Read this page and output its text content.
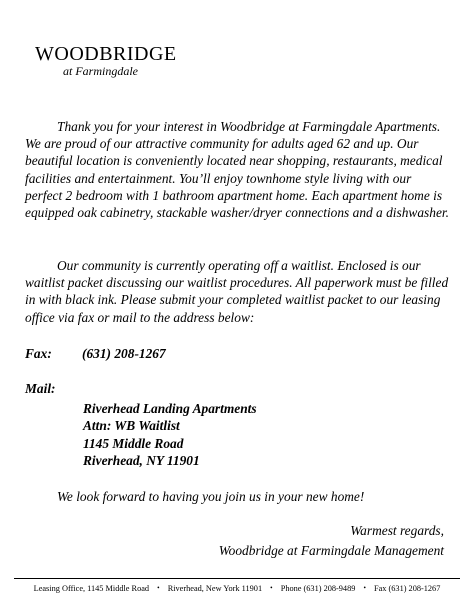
WOODBRIDGE
at Farmingdale

Thank you for your interest in Woodbridge at Farmingdale Apartments. We are proud of our attractive community for adults aged 62 and up. Our beautiful location is conveniently located near shopping, restaurants, medical facilities and entertainment. You’ll enjoy townhome style living with our perfect 2 bedroom with 1 bathroom apartment home. Each apartment home is equipped oak cabinetry, stackable washer/dryer connections and a dishwasher.

Our community is currently operating off a waitlist. Enclosed is our waitlist packet discussing our waitlist procedures. All paperwork must be filled in with black ink. Please submit your completed waitlist packet to our leasing office via fax or mail to the address below:

Fax: (631) 208-1267
Mail:
Riverhead Landing Apartments
Attn: WB Waitlist
1145 Middle Road
Riverhead, NY 11901
We look forward to having you join us in your new home!
Warmest regards,
Woodbridge at Farmingdale Management
Leasing Office, 1145 Middle Road • Riverhead, New York 11901 • Phone (631) 208-9489 • Fax (631) 208-1267
